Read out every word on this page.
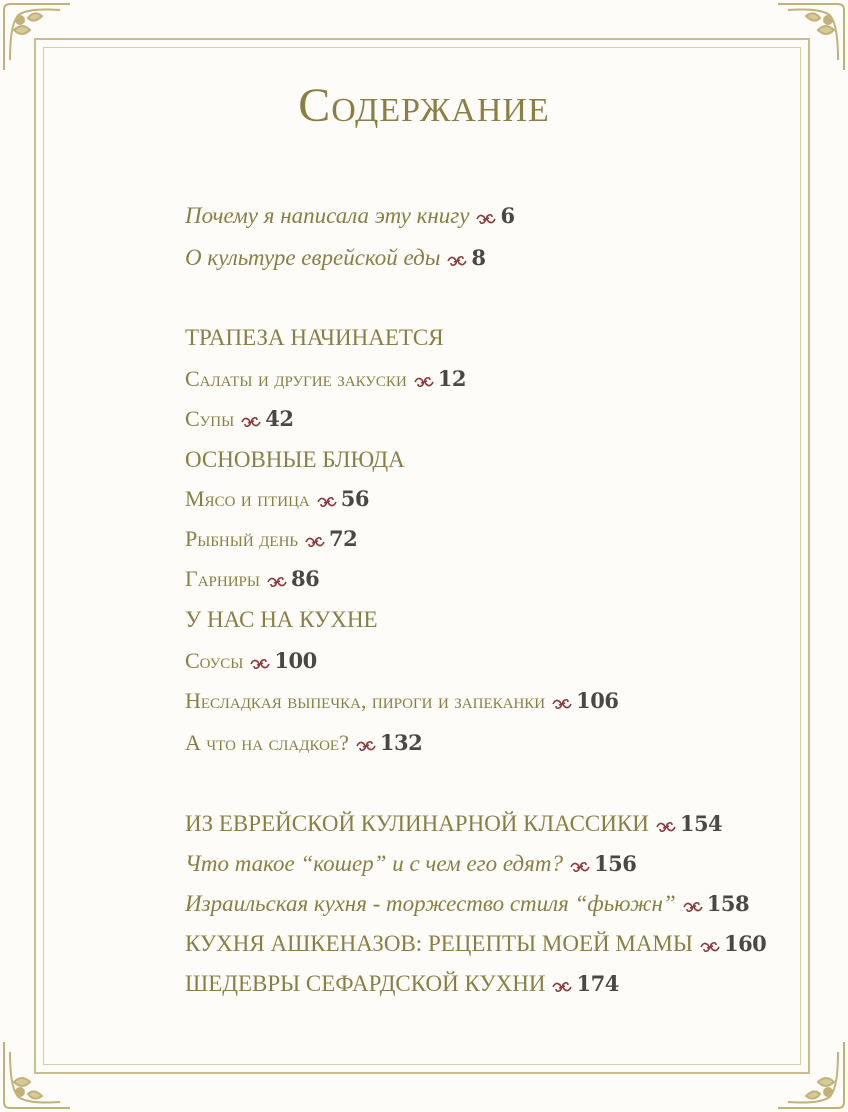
Содержание
Почему я написала эту книгу 6
О культуре еврейской еды 8
ТРАПЕЗА НАЧИНАЕТСЯ
Салаты и другие закуски 12
Супы 42
ОСНОВНЫЕ БЛЮДА
Мясо и птица 56
Рыбный день 72
Гарниры 86
У НАС НА КУХНЕ
Соусы 100
Несладкая выпечка, пироги и запеканки 106
А что на сладкое? 132
ИЗ ЕВРЕЙСКОЙ КУЛИНАРНОЙ КЛАССИКИ 154
Что такое “кошер” и с чем его едят? 156
Израильская кухня - торжество стиля “фьюжн” 158
КУХНЯ АШКЕНАЗОВ: РЕЦЕПТЫ МОЕЙ МАМЫ 160
ШЕДЕВРЫ СЕФАРДСКОЙ КУХНИ 174
